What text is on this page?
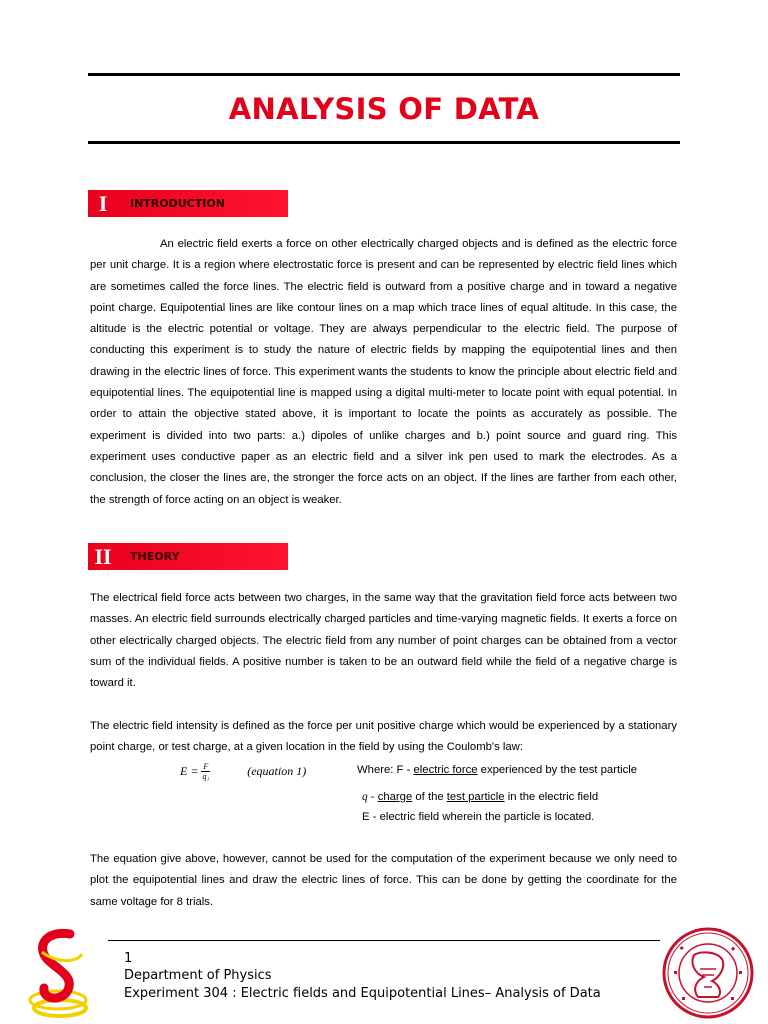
ANALYSIS OF DATA
I	INTRODUCTION

An electric field exerts a force on other electrically charged objects and is defined as the electric force per unit charge. It is a region where electrostatic force is present and can be represented by electric field lines which are sometimes called the force lines. The electric field is outward from a positive charge and in toward a negative point charge. Equipotential lines are like contour lines on a map which trace lines of equal altitude. In this case, the altitude is the electric potential or voltage. They are always perpendicular to the electric field. The purpose of conducting this experiment is to study the nature of electric fields by mapping the equipotential lines and then drawing in the electric lines of force. This experiment wants the students to know the principle about electric field and equipotential lines. The equipotential line is mapped using a digital multi-meter to locate point with equal potential. In order to attain the objective stated above, it is important to locate the points as accurately as possible. The experiment is divided into two parts: a.) dipoles of unlike charges and b.) point source and guard ring. This experiment uses conductive paper as an electric field and a silver ink pen used to mark the electrodes. As a conclusion, the closer the lines are, the stronger the force acts on an object. If the lines are farther from each other, the strength of force acting on an object is weaker.

II	THEORY

The electrical field force acts between two charges, in the same way that the gravitation field force acts between two masses. An electric field surrounds electrically charged particles and time-varying magnetic fields. It exerts a force on other electrically charged objects. The electric field from any number of point charges can be obtained from a vector sum of the individual fields. A positive number is taken to be an outward field while the field of a negative charge is toward it.

The electric field intensity is defined as the force per unit positive charge which would be experienced by a stationary point charge, or test charge, at a given location in the field by using the Coulomb's law:

$E = \frac{F}{\text{q₁}}$	(equation 1)	Where: F - electric force experienced by the test particle
q - charge of the test particle in the electric field
E - electric field wherein the particle is located.

The equation give above, however, cannot be used for the computation of the experiment because we only need to plot the equipotential lines and draw the electric lines of force. This can be done by getting the coordinate for the same voltage for 8 trials.

1
Department of Physics
Experiment 304 : Electric fields and Equipotential Lines– Analysis of Data
